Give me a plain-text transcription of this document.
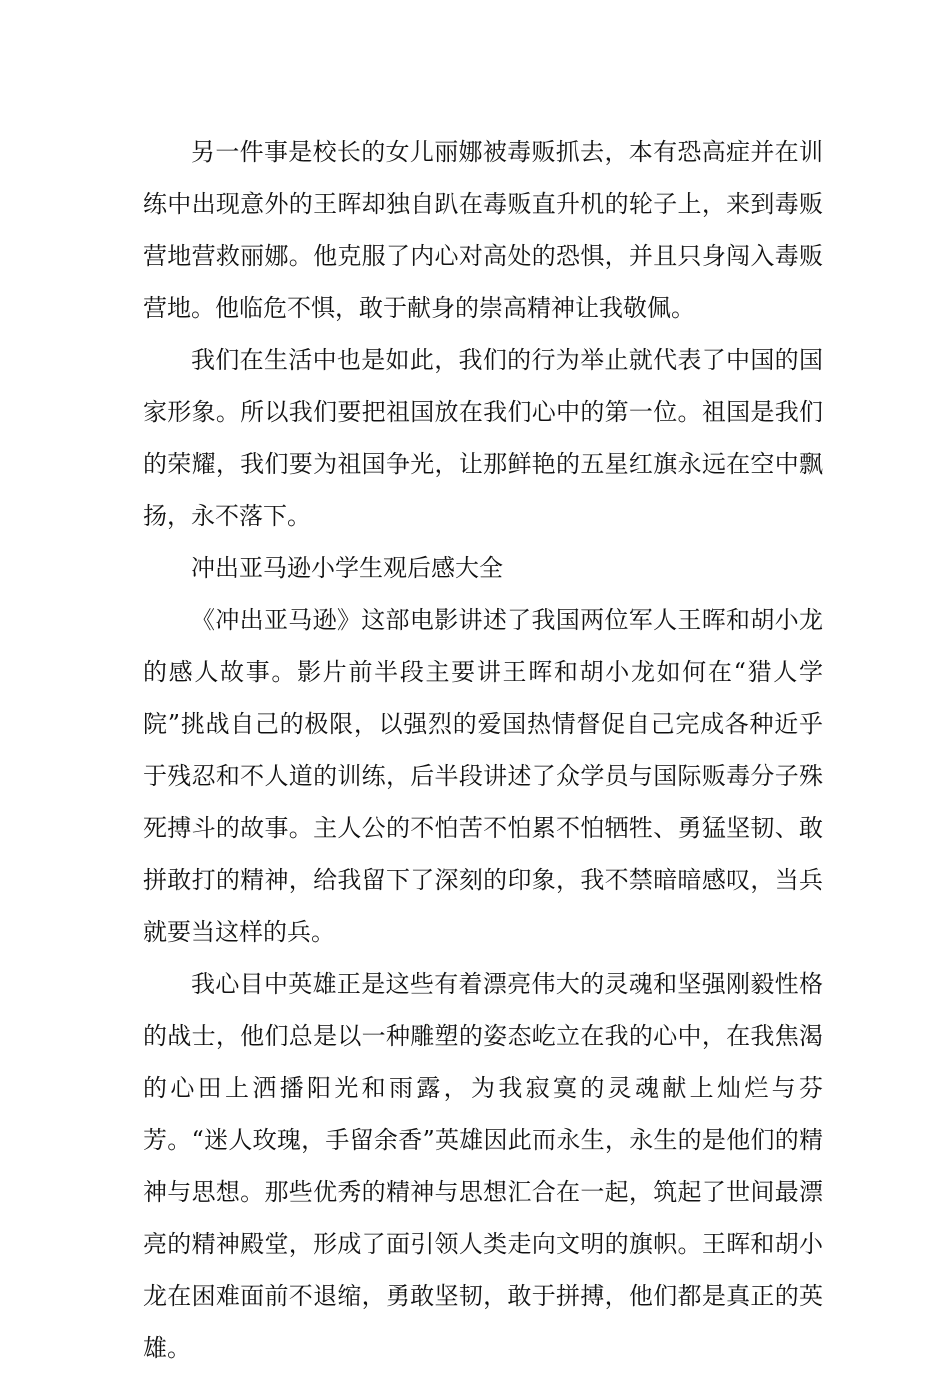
另一件事是校长的女儿丽娜被毒贩抓去，本有恐高症并在训练中出现意外的王晖却独自趴在毒贩直升机的轮子上，来到毒贩营地营救丽娜。他克服了内心对高处的恐惧，并且只身闯入毒贩营地。他临危不惧，敢于献身的崇高精神让我敬佩。

我们在生活中也是如此，我们的行为举止就代表了中国的国家形象。所以我们要把祖国放在我们心中的第一位。祖国是我们的荣耀，我们要为祖国争光，让那鲜艳的五星红旗永远在空中飘扬，永不落下。

冲出亚马逊小学生观后感大全

《冲出亚马逊》这部电影讲述了我国两位军人王晖和胡小龙的感人故事。影片前半段主要讲王晖和胡小龙如何在“猎人学院”挑战自己的极限，以强烈的爱国热情督促自己完成各种近乎于残忍和不人道的训练，后半段讲述了众学员与国际贩毒分子殊死搏斗的故事。主人公的不怕苦不怕累不怕牺牲、勇猛坚韧、敢拼敢打的精神，给我留下了深刻的印象，我不禁暗暗感叹，当兵就要当这样的兵。

我心目中英雄正是这些有着漂亮伟大的灵魂和坚强刚毅性格的战士，他们总是以一种雕塑的姿态屹立在我的心中，在我焦渴的心田上洒播阳光和雨露，为我寂寞的灵魂献上灿烂与芬芳。“迷人玫瑰，手留余香”英雄因此而永生，永生的是他们的精神与思想。那些优秀的精神与思想汇合在一起，筑起了世间最漂亮的精神殿堂，形成了面引领人类走向文明的旗帜。王晖和胡小龙在困难面前不退缩，勇敢坚韧，敢于拼搏，他们都是真正的英雄。
